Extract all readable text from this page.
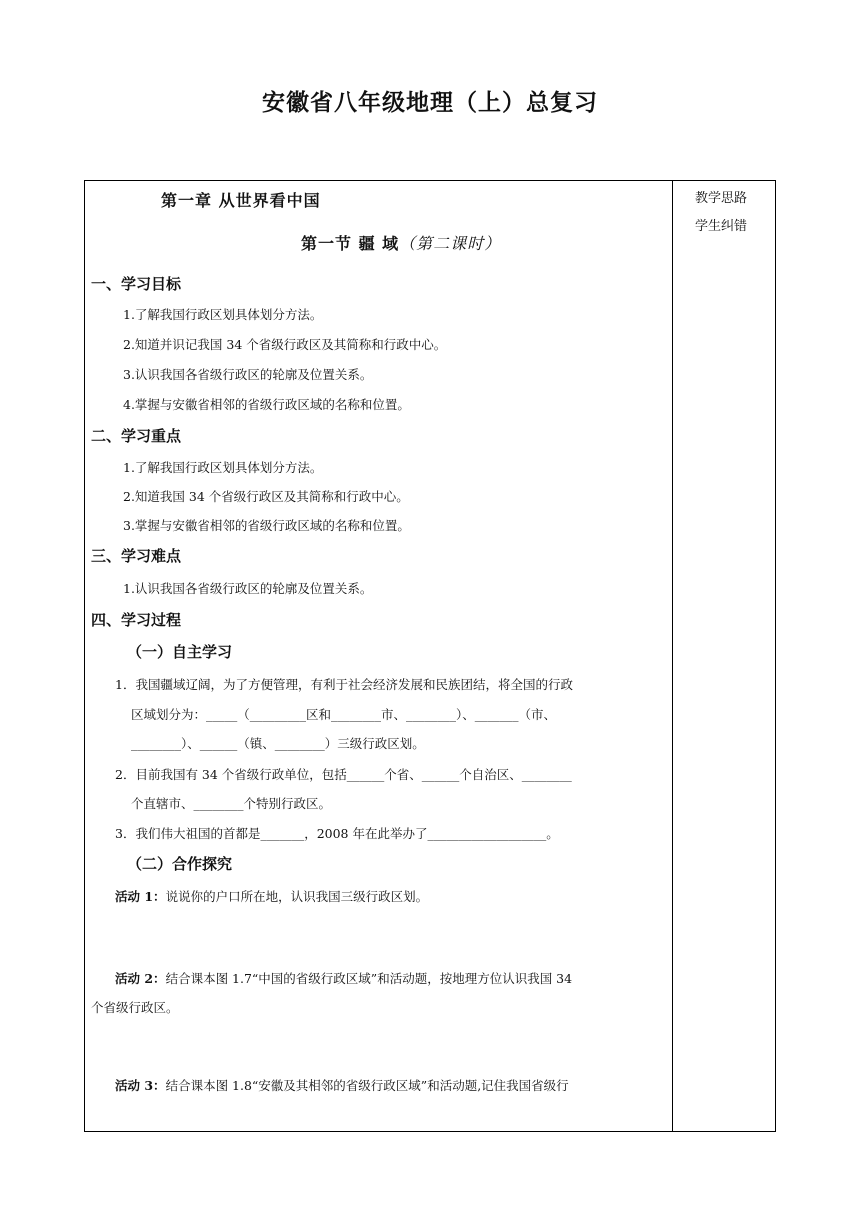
安徽省八年级地理（上）总复习
教学思路
学生纠错
第一章 从世界看中国
第一节 疆 域（第二课时）
一、学习目标
1.了解我国行政区划具体划分方法。
2.知道并识记我国 34 个省级行政区及其简称和行政中心。
3.认识我国各省级行政区的轮廓及位置关系。
4.掌握与安徽省相邻的省级行政区域的名称和位置。
二、学习重点
1.了解我国行政区划具体划分方法。
2.知道我国 34 个省级行政区及其简称和行政中心。
3.掌握与安徽省相邻的省级行政区域的名称和位置。
三、学习难点
1.认识我国各省级行政区的轮廓及位置关系。
四、学习过程
（一）自主学习
1．我国疆域辽阔，为了方便管理，有利于社会经济发展和民族团结，将全国的行政
区域划分为：_____（_________区和________市、________）、_______（市、
________）、______（镇、________）三级行政区划。
2．目前我国有 34 个省级行政单位，包括______个省、______个自治区、________
个直辖市、________个特别行政区。
3．我们伟大祖国的首都是_______，2008 年在此举办了___________________。
（二）合作探究
活动 1：说说你的户口所在地，认识我国三级行政区划。
活动 2：结合课本图 1.7“中国的省级行政区域”和活动题，按地理方位认识我国 34
个省级行政区。
活动 3：结合课本图 1.8“安徽及其相邻的省级行政区域”和活动题,记住我国省级行
